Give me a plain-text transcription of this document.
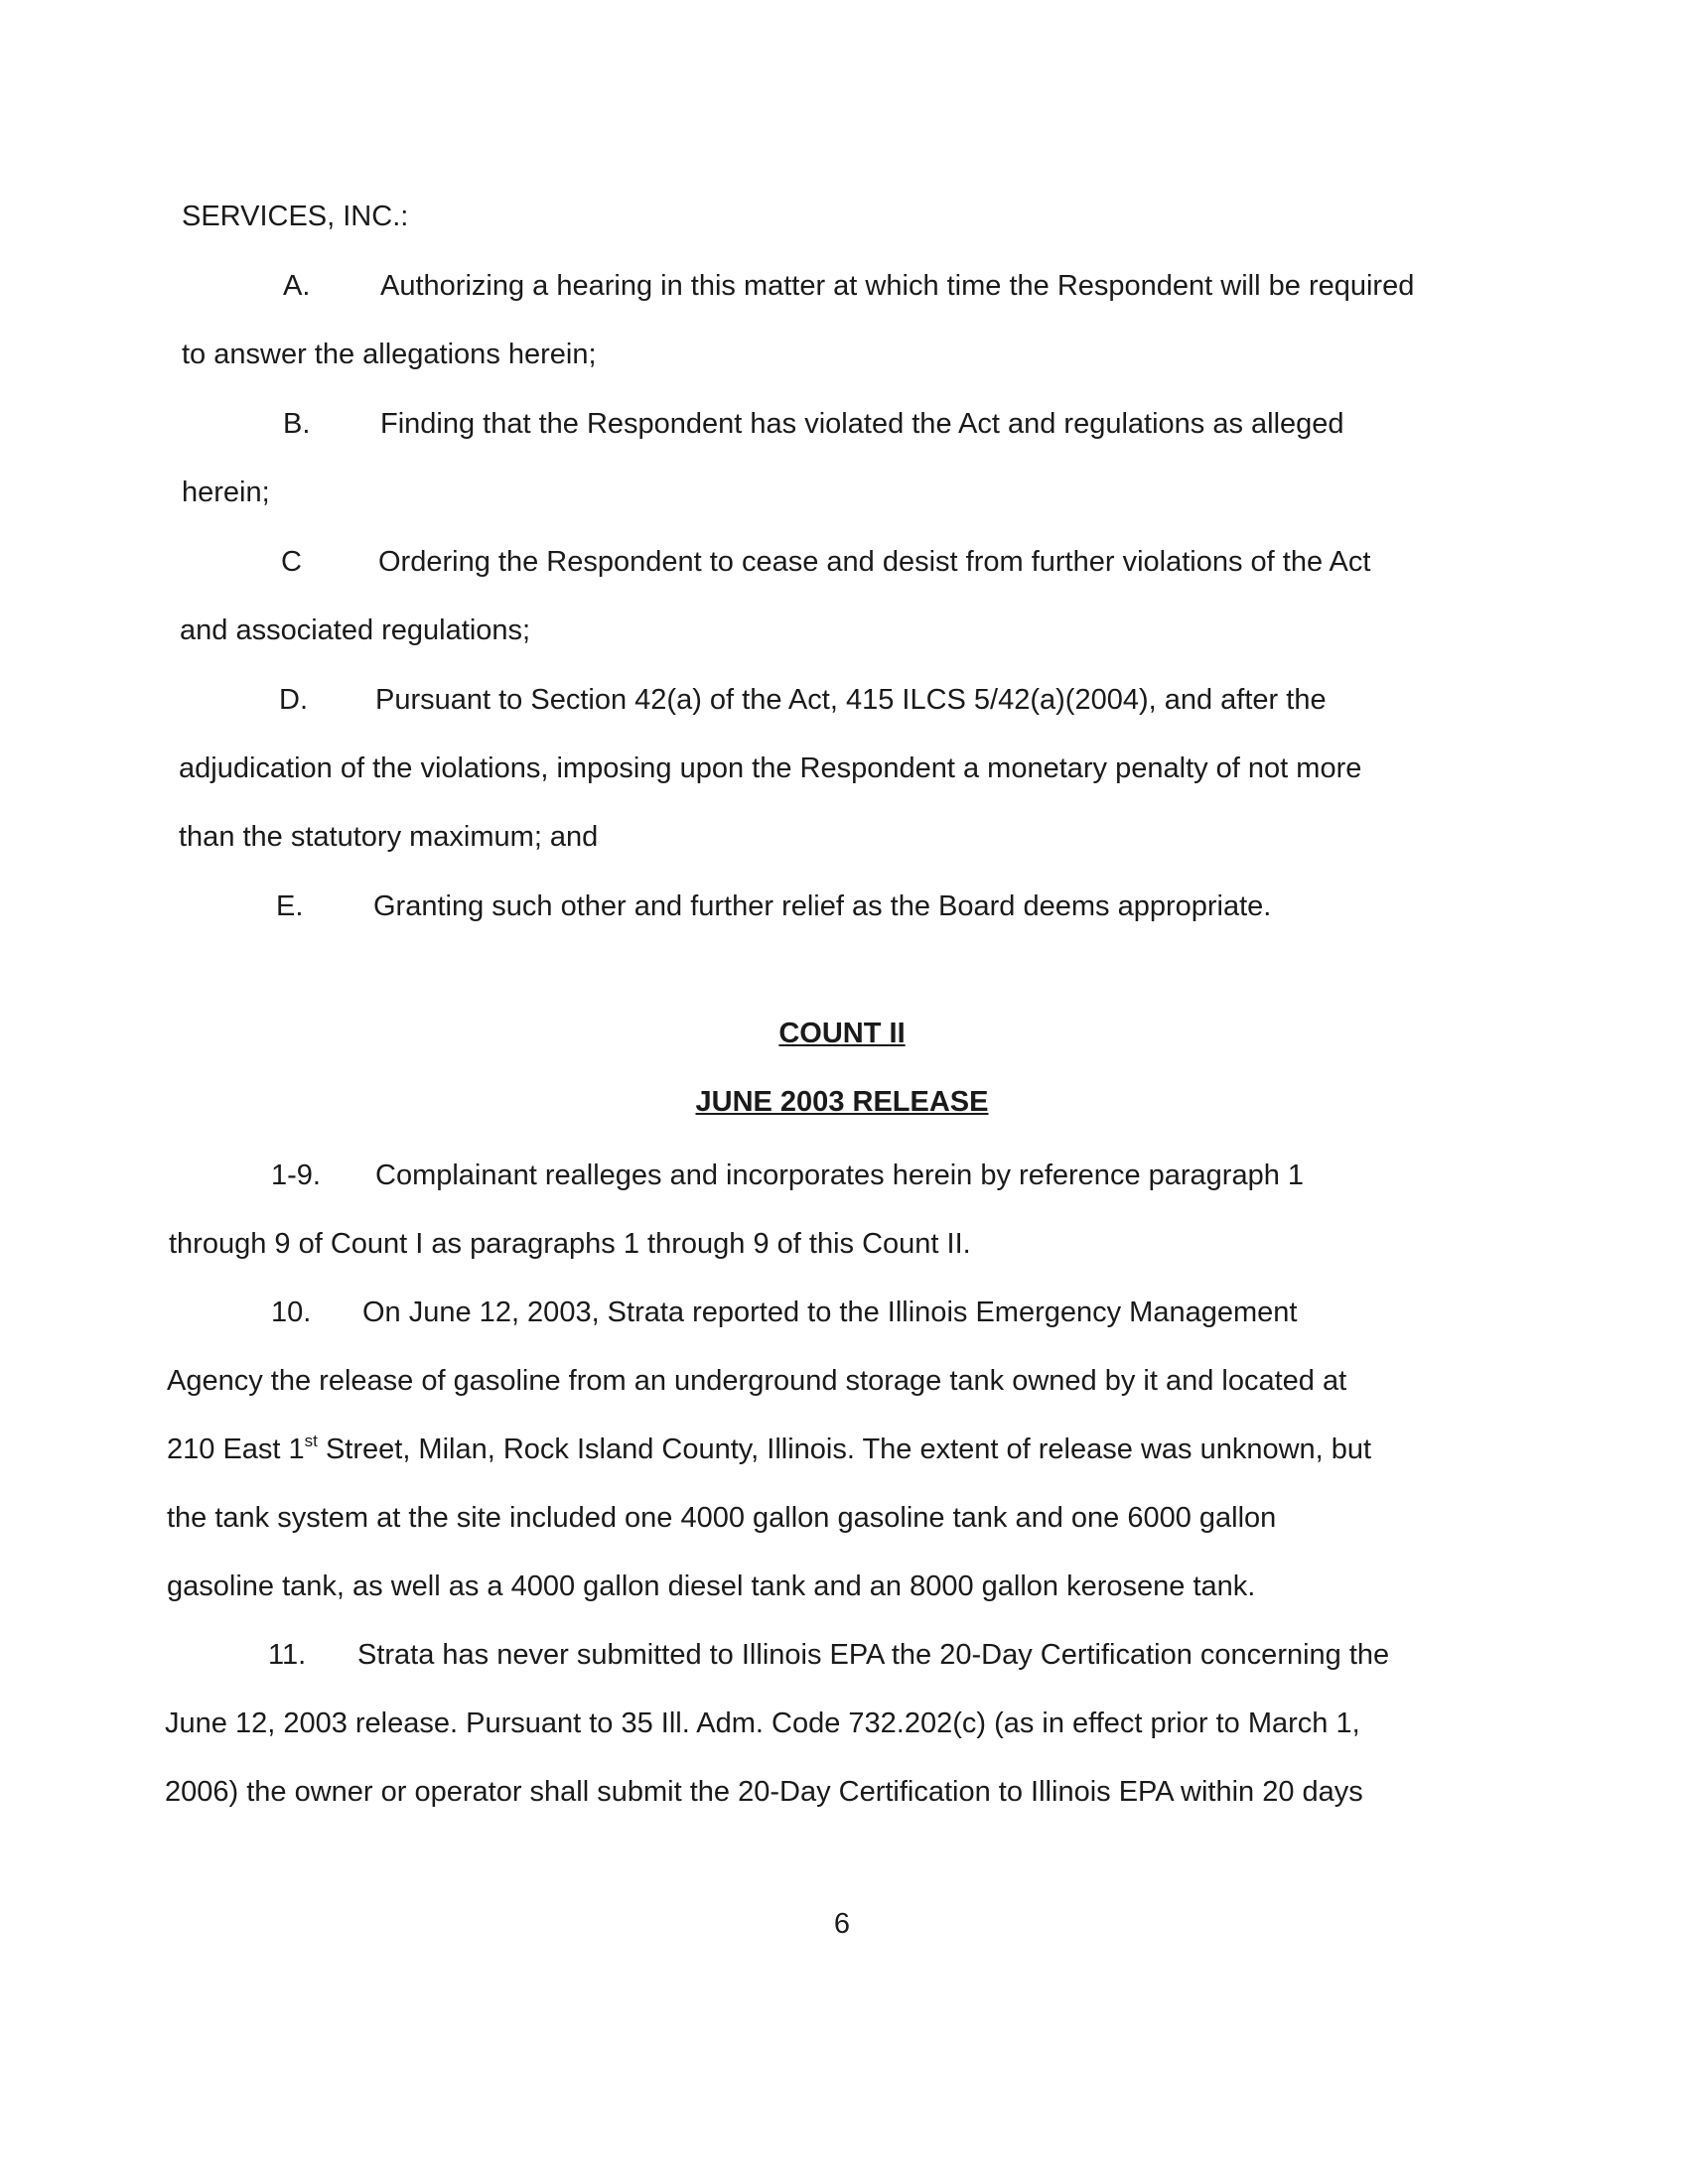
SERVICES, INC.:
A. Authorizing a hearing in this matter at which time the Respondent will be required
to answer the allegations herein;
B. Finding that the Respondent has violated the Act and regulations as alleged
herein;
C	Ordering the Respondent to cease and desist from further violations of the Act
and associated regulations;
D. Pursuant to Section 42(a) of the Act, 415 ILCS 5/42(a)(2004), and after the
adjudication of the violations, imposing upon the Respondent a monetary penalty of not more
than the statutory maximum; and
E. Granting such other and further relief as the Board deems appropriate.
COUNT II
JUNE 2003 RELEASE
1-9. Complainant realleges and incorporates herein by reference paragraph 1
through 9 of Count I as paragraphs 1 through 9 of this Count II.
10. On June 12, 2003, Strata reported to the Illinois Emergency Management
Agency the release of gasoline from an underground storage tank owned by it and located at
210 East 1st Street, Milan, Rock Island County, Illinois. The extent of release was unknown, but
the tank system at the site included one 4000 gallon gasoline tank and one 6000 gallon
gasoline tank, as well as a 4000 gallon diesel tank and an 8000 gallon kerosene tank.
11. Strata has never submitted to Illinois EPA the 20-Day Certification concerning the
June 12, 2003 release. Pursuant to 35 Ill. Adm. Code 732.202(c) (as in effect prior to March 1,
2006) the owner or operator shall submit the 20-Day Certification to Illinois EPA within 20 days
6
